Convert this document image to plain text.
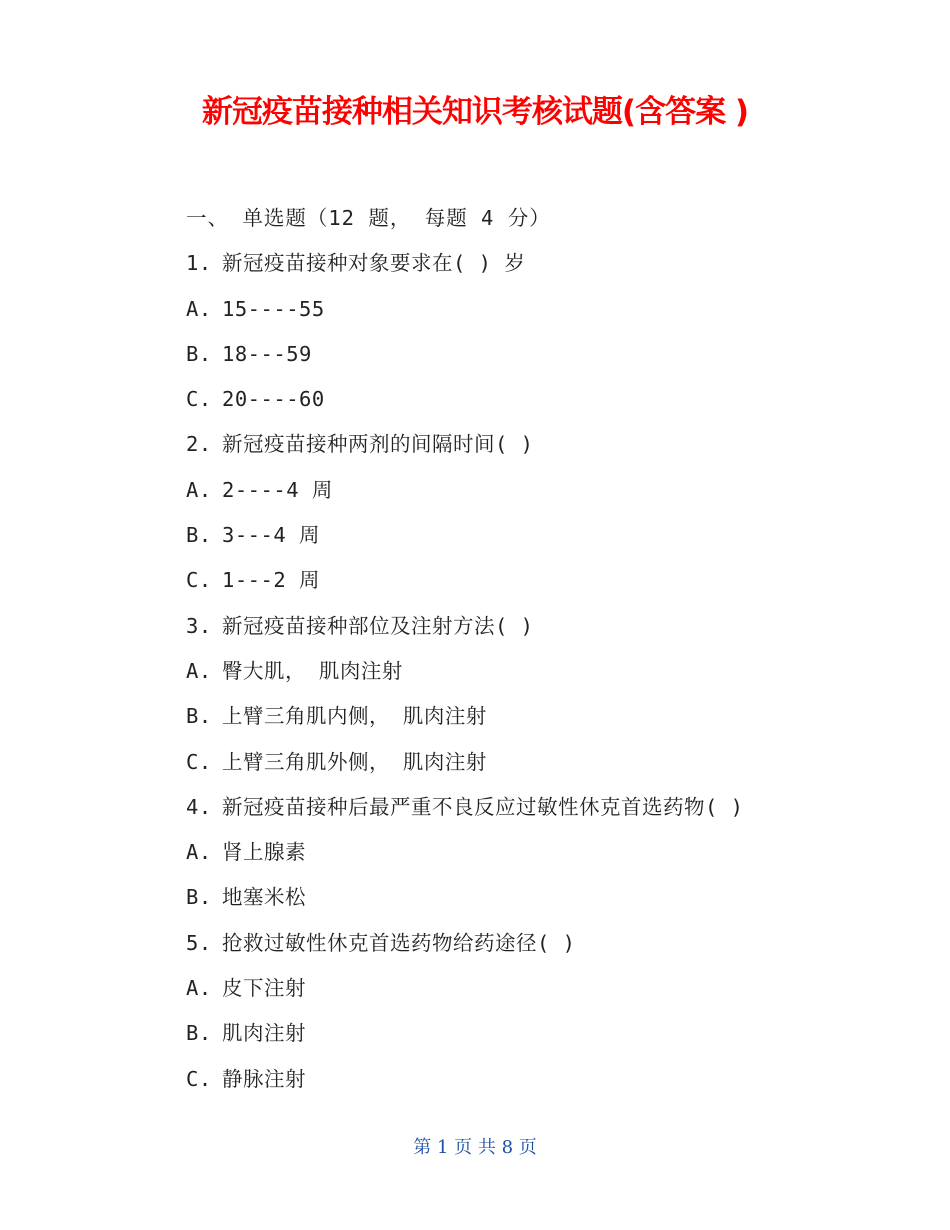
新冠疫苗接种相关知识考核试题(含答案 )
一、 单选题（12 题， 每题 4 分）
1. 新冠疫苗接种对象要求在( ) 岁
A. 15----55
B. 18---59
C. 20----60
2. 新冠疫苗接种两剂的间隔时间( )
A. 2----4 周
B. 3---4 周
C. 1---2 周
3. 新冠疫苗接种部位及注射方法( )
A. 臀大肌， 肌肉注射
B. 上臂三角肌内侧， 肌肉注射
C. 上臂三角肌外侧， 肌肉注射
4. 新冠疫苗接种后最严重不良反应过敏性休克首选药物( )
A. 肾上腺素
B. 地塞米松
5. 抢救过敏性休克首选药物给药途径( )
A. 皮下注射
B. 肌肉注射
C. 静脉注射
第 1 页 共 8 页
